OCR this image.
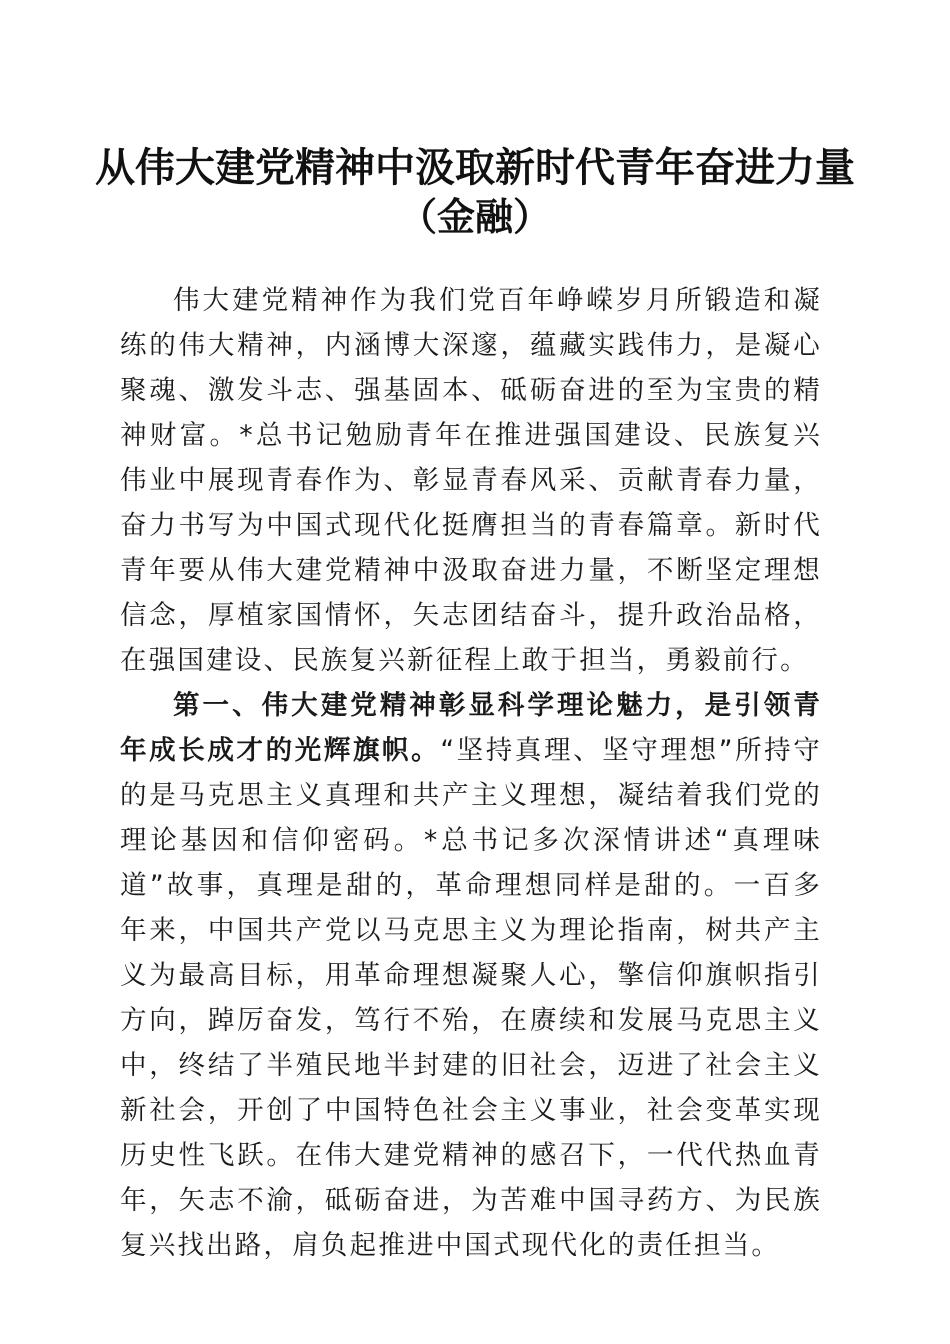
从伟大建党精神中汲取新时代青年奋进力量
（金融）

伟大建党精神作为我们党百年峥嵘岁月所锻造和凝练的伟大精神，内涵博大深邃，蕴藏实践伟力，是凝心聚魂、激发斗志、强基固本、砥砺奋进的至为宝贵的精神财富。*总书记勉励青年在推进强国建设、民族复兴伟业中展现青春作为、彰显青春风采、贡献青春力量，奋力书写为中国式现代化挺膺担当的青春篇章。新时代青年要从伟大建党精神中汲取奋进力量，不断坚定理想信念，厚植家国情怀，矢志团结奋斗，提升政治品格，在强国建设、民族复兴新征程上敢于担当，勇毅前行。

第一、伟大建党精神彰显科学理论魅力，是引领青年成长成才的光辉旗帜。“坚持真理、坚守理想”所持守的是马克思主义真理和共产主义理想，凝结着我们党的理论基因和信仰密码。*总书记多次深情讲述“真理味道”故事，真理是甜的，革命理想同样是甜的。一百多年来，中国共产党以马克思主义为理论指南，树共产主义为最高目标，用革命理想凝聚人心，擎信仰旗帜指引方向，踔厉奋发，笃行不殆，在赓续和发展马克思主义中，终结了半殖民地半封建的旧社会，迈进了社会主义新社会，开创了中国特色社会主义事业，社会变革实现历史性飞跃。在伟大建党精神的感召下，一代代热血青年，矢志不渝，砥砺奋进，为苦难中国寻药方、为民族复兴找出路，肩负起推进中国式现代化的责任担当。
